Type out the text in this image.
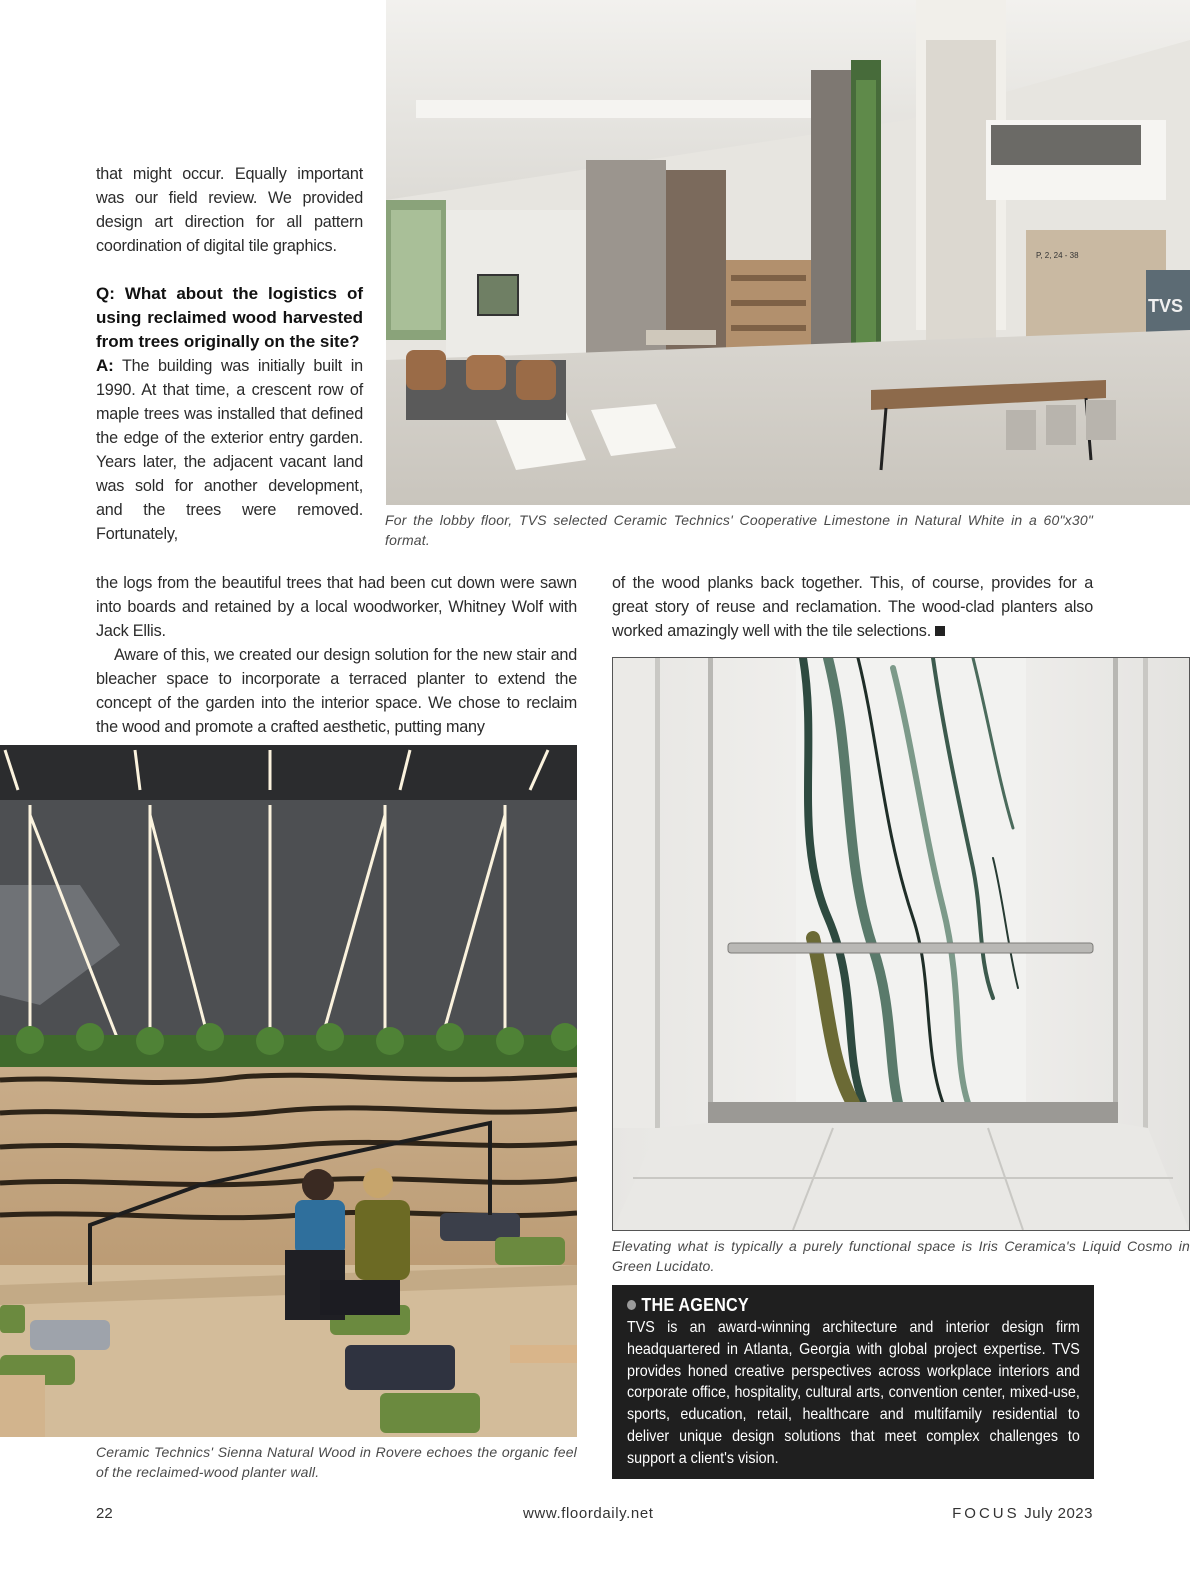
that might occur. Equally important was our field review. We provided design art direction for all pattern coordination of digital tile graphics.

Q: What about the logistics of using reclaimed wood harvested from trees originally on the site?

A: The building was initially built in 1990. At that time, a crescent row of maple trees was installed that defined the edge of the exterior entry garden. Years later, the adjacent vacant land was sold for another development, and the trees were removed. Fortunately,

TVS
P, 2, 24 - 38
For the lobby floor, TVS selected Ceramic Technics' Cooperative Limestone in Natural White in a 60"x30" format.

the logs from the beautiful trees that had been cut down were sawn into boards and retained by a local woodworker, Whitney Wolf with Jack Ellis.

Aware of this, we created our design solution for the new stair and bleacher space to incorporate a terraced planter to extend the concept of the garden into the interior space. We chose to reclaim the wood and promote a crafted aesthetic, putting many

of the wood planks back together. This, of course, provides for a great story of reuse and reclamation. The wood-clad planters also worked amazingly well with the tile selections.

Ceramic Technics' Sienna Natural Wood in Rovere echoes the organic feel of the reclaimed-wood planter wall.
Elevating what is typically a purely functional space is Iris Ceramica's Liquid Cosmo in Green Lucidato.
THE AGENCY
TVS is an award-winning architecture and interior design firm headquartered in Atlanta, Georgia with global project expertise. TVS provides honed creative perspectives across workplace interiors and corporate office, hospitality, cultural arts, convention center, mixed-use, sports, education, retail, healthcare and multifamily residential to deliver unique design solutions that meet complex challenges to support a client's vision.
22	www.floordaily.net	FOCUS July 2023
